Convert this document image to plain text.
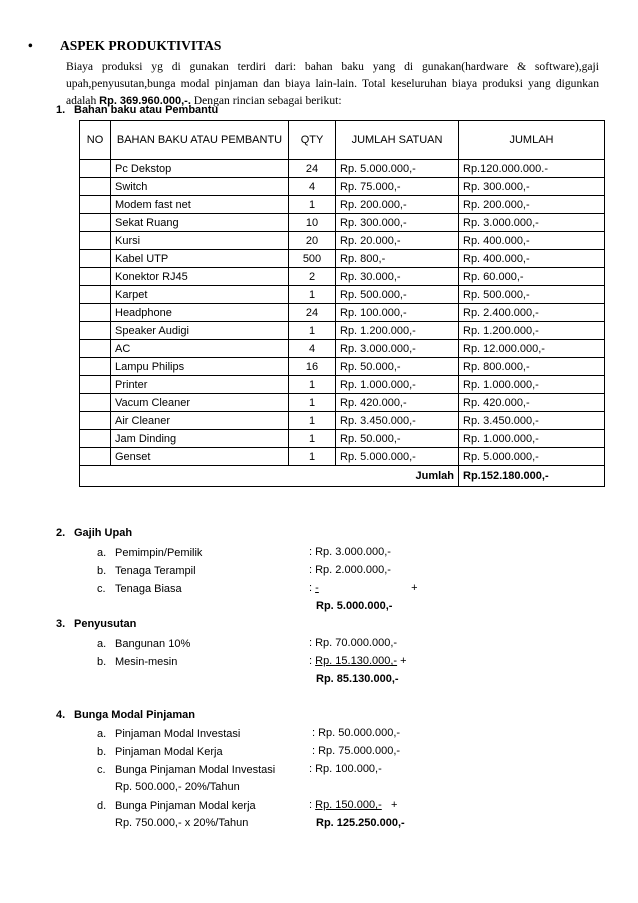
• ASPEK PRODUKTIVITAS
Biaya produksi yg di gunakan terdiri dari: bahan baku yang di gunakan(hardware & software),gaji upah,penyusutan,bunga modal pinjaman dan biaya lain-lain. Total keseluruhan biaya produksi yang digunkan adalah Rp. 369.960.000,-. Dengan rincian sebagai berikut:
1. Bahan baku atau Pembantu
NO	BAHAN BAKU ATAU PEMBANTU	QTY	JUMLAH SATUAN	JUMLAH
	Pc Dekstop	24	Rp. 5.000.000,-	Rp.120.000.000.-
	Switch	4	Rp. 75.000,-	Rp. 300.000,-
	Modem fast net	1	Rp. 200.000,-	Rp. 200.000,-
	Sekat Ruang	10	Rp. 300.000,-	Rp. 3.000.000,-
	Kursi	20	Rp. 20.000,-	Rp. 400.000,-
	Kabel UTP	500	Rp. 800,-	Rp. 400.000,-
	Konektor RJ45	2	Rp. 30.000,-	Rp. 60.000,-
	Karpet	1	Rp. 500.000,-	Rp. 500.000,-
	Headphone	24	Rp. 100.000,-	Rp. 2.400.000,-
	Speaker Audigi	1	Rp. 1.200.000,-	Rp. 1.200.000,-
	AC	4	Rp. 3.000.000,-	Rp. 12.000.000,-
	Lampu Philips	16	Rp. 50.000,-	Rp. 800.000,-
	Printer	1	Rp. 1.000.000,-	Rp. 1.000.000,-
	Vacum Cleaner	1	Rp. 420.000,-	Rp. 420.000,-
	Air Cleaner	1	Rp. 3.450.000,-	Rp. 3.450.000,-
	Jam Dinding	1	Rp. 50.000,-	Rp. 1.000.000,-
	Genset	1	Rp. 5.000.000,-	Rp. 5.000.000,-
Jumlah				Rp.152.180.000,-
2. Gajih Upah
a. Pemimpin/Pemilik	: Rp. 3.000.000,-
b. Tenaga Terampil	: Rp. 2.000.000,-
c. Tenaga Biasa	: -	+
Rp. 5.000.000,-
3. Penyusutan
a. Bangunan 10%	: Rp. 70.000.000,-
b. Mesin-mesin	: Rp. 15.130.000,- +
Rp. 85.130.000,-
4. Bunga Modal Pinjaman
a. Pinjaman Modal Investasi	: Rp. 50.000.000,-
b. Pinjaman Modal Kerja	: Rp. 75.000.000,-
c. Bunga Pinjaman Modal Investasi	: Rp. 100.000,-
Rp. 500.000,- 20%/Tahun
d. Bunga Pinjaman Modal kerja	: Rp. 150.000,-   +
Rp. 750.000,- x 20%/Tahun	Rp. 125.250.000,-
